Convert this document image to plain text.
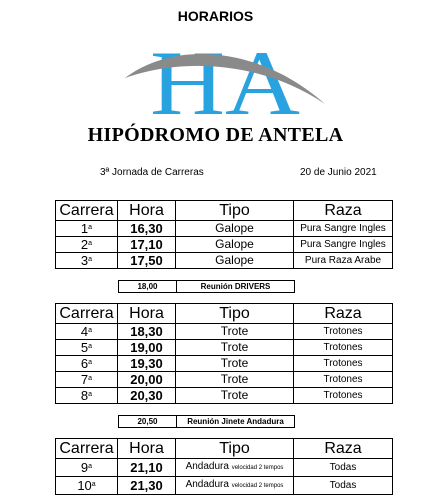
HORARIOS
HA
HIPÓDROMO DE ANTELA
3ª Jornada de Carreras	20 de Junio 2021
Carrera	Hora	Tipo	Raza
1$^a$	16,30	Galope	Pura Sangre Ingles
2$^a$	17,10	Galope	Pura Sangre Ingles
3$^a$	17,50	Galope	Pura Raza Arabe
18,00	Reunión DRIVERS
Carrera	Hora	Tipo	Raza
4$^a$	18,30	Trote	Trotones
5$^a$	19,00	Trote	Trotones
6$^a$	19,30	Trote	Trotones
7$^a$	20,00	Trote	Trotones
8$^a$	20,30	Trote	Trotones
20,50	Reunión Jinete Andadura
Carrera	Hora	Tipo	Raza
9$^a$	21,10	Andadura velocidad 2 tempos	Todas
10$^a$	21,30	Andadura velocidad 2 tempos	Todas
